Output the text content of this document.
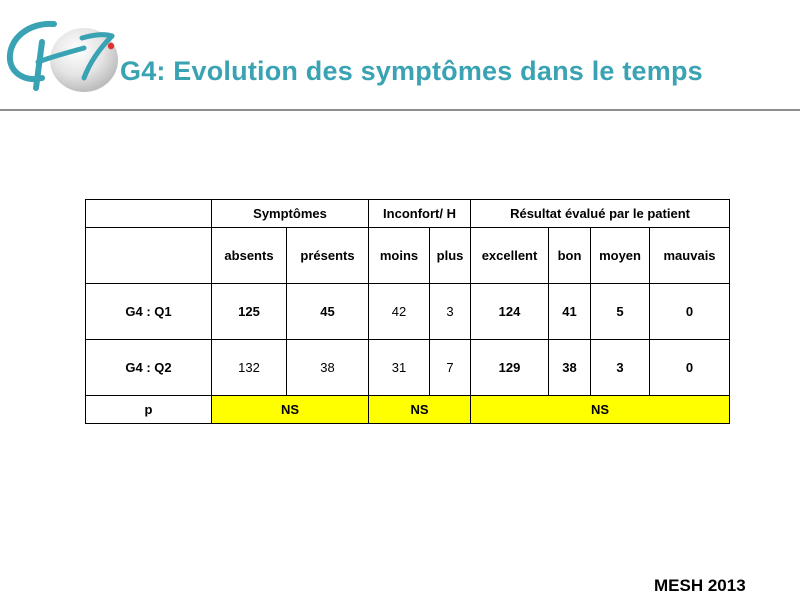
G4: Evolution des symptômes dans le temps
	Symptômes		Inconfort/ H		Résultat évalué par le patient			
	absents	présents	moins	plus	excellent	bon	moyen	mauvais
G4 : Q1	125	45	42	3	124	41	5	0
G4 : Q2	132	38	31	7	129	38	3	0
p	NS		NS		NS			
MESH 2013
